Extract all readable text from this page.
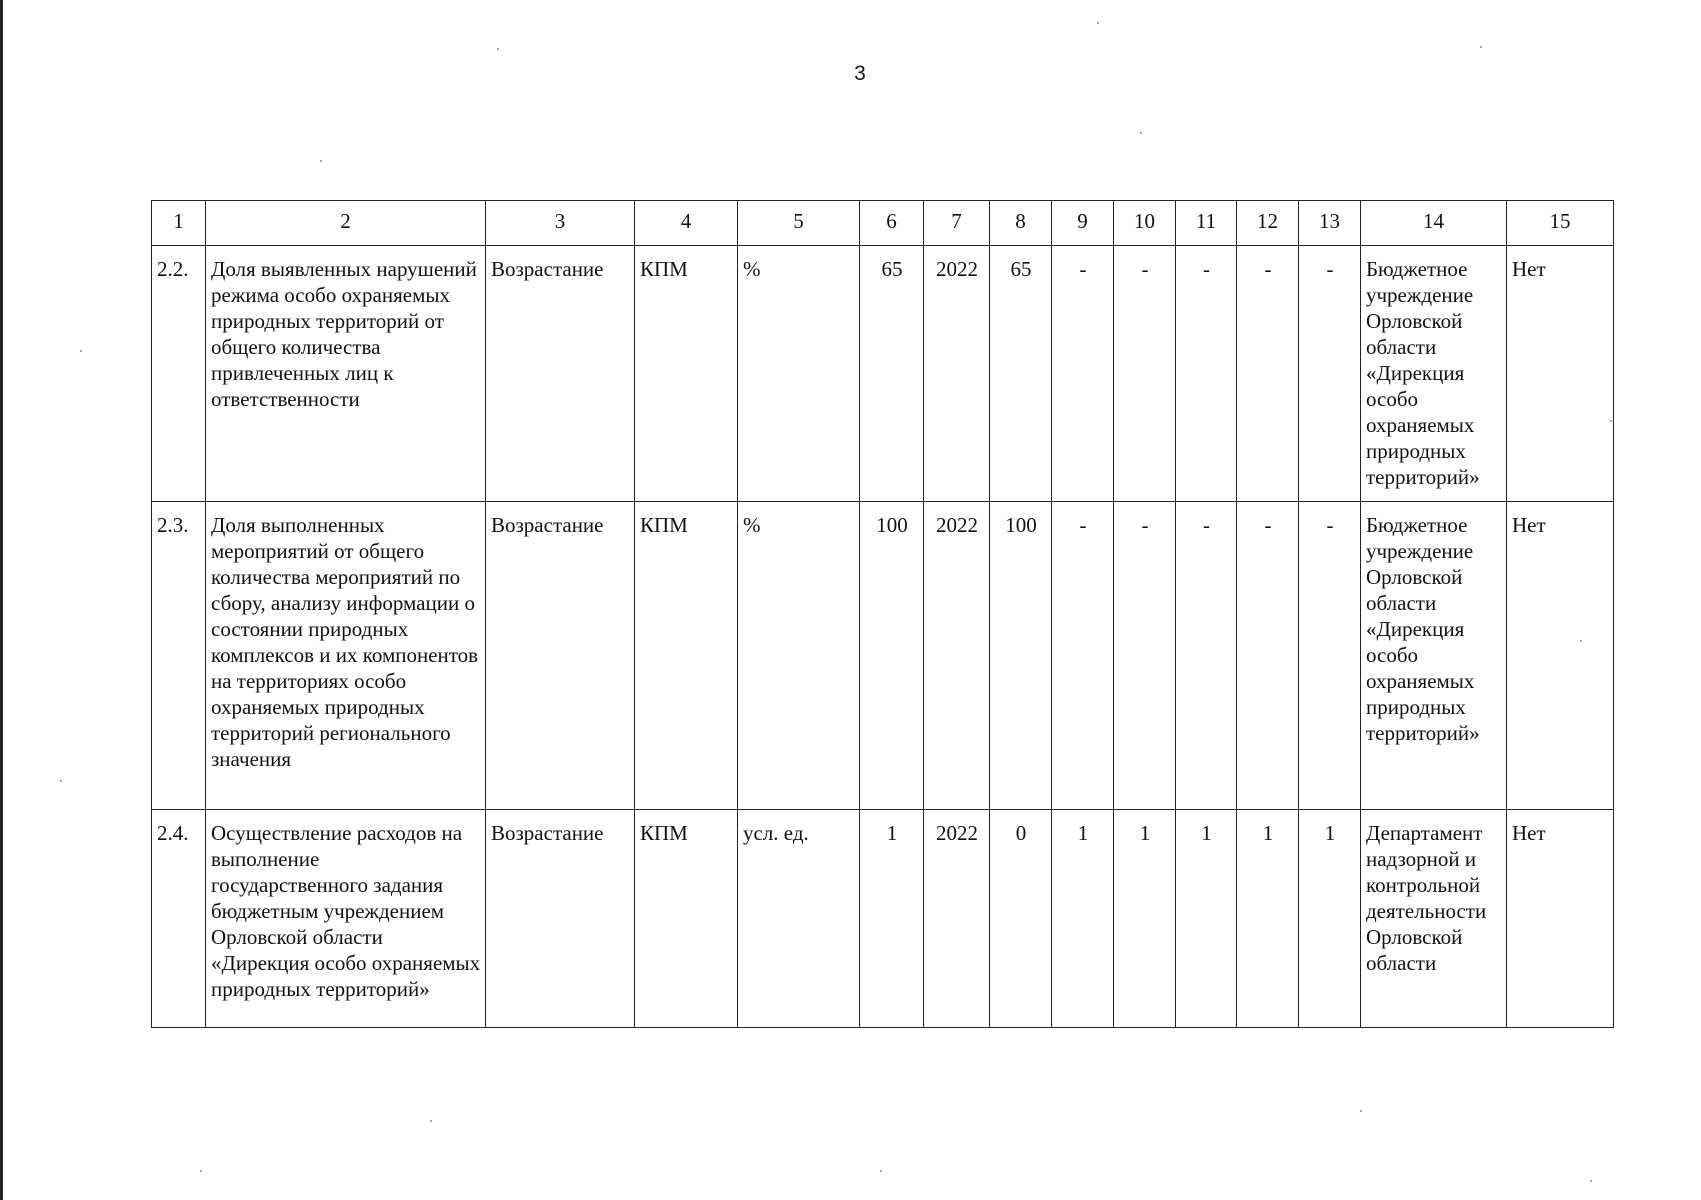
3
1	2	3	4	5	6	7	8	9	10	11	12	13	14	15
2.2.	Доля выявленных нарушений режима особо охраняемых природных территорий от общего количества привлеченных лиц к ответственности	Возрастание	КПМ	%	65	2022	65	-	-	-	-	-	Бюджетное учреждение Орловской области «Дирекция особо охраняемых природных территорий»	Нет
2.3.	Доля выполненных мероприятий от общего количества мероприятий по сбору, анализу информации о состоянии природных комплексов и их компонентов на территориях особо охраняемых природных территорий регионального значения	Возрастание	КПМ	%	100	2022	100	-	-	-	-	-	Бюджетное учреждение Орловской области «Дирекция особо охраняемых природных территорий»	Нет
2.4.	Осуществление расходов на выполнение государственного задания бюджетным учреждением Орловской области «Дирекция особо охраняемых природных территорий»	Возрастание	КПМ	усл. ед.	1	2022	0	1	1	1	1	1	Департамент надзорной и контрольной деятельности Орловской области	Нет
